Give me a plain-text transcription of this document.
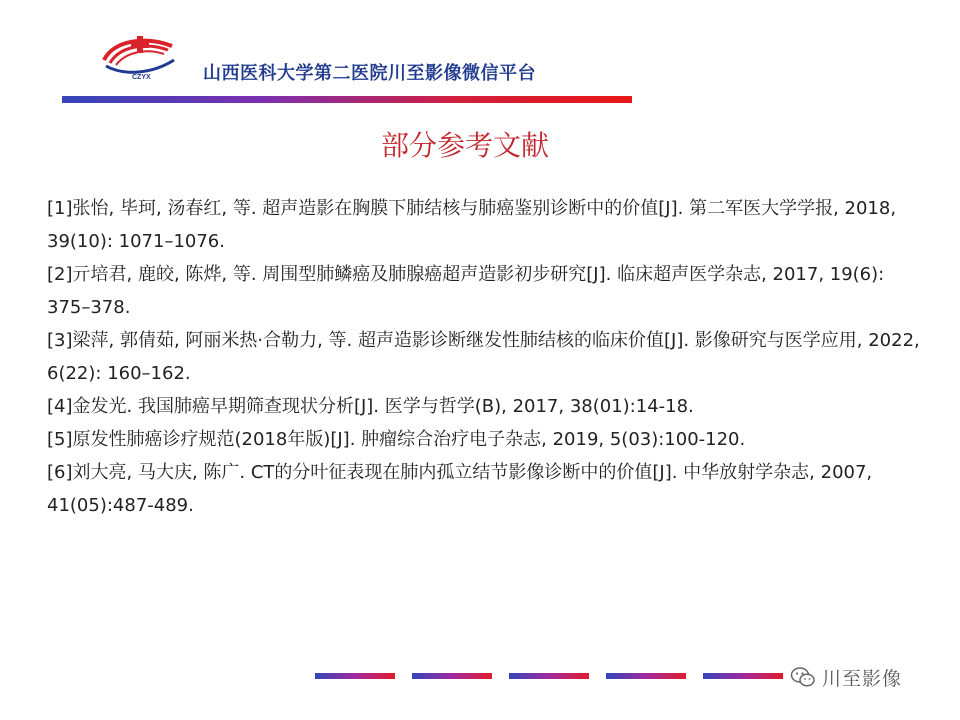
CZYX	山西医科大学第二医院川至影像微信平台
部分参考文献
[1]张怡, 毕珂, 汤春红, 等. 超声造影在胸膜下肺结核与肺癌鉴别诊断中的价值[J]. 第二军医大学学报, 2018, 39(10): 1071–1076.
[2]亓培君, 鹿皎, 陈烨, 等. 周围型肺鳞癌及肺腺癌超声造影初步研究[J]. 临床超声医学杂志, 2017, 19(6): 375–378.
[3]梁萍, 郭倩茹, 阿丽米热·合勒力, 等. 超声造影诊断继发性肺结核的临床价值[J]. 影像研究与医学应用, 2022, 6(22): 160–162.
[4]金发光. 我国肺癌早期筛查现状分析[J]. 医学与哲学(B), 2017, 38(01):14-18.
[5]原发性肺癌诊疗规范(2018年版)[J]. 肿瘤综合治疗电子杂志, 2019, 5(03):100-120.
[6]刘大亮, 马大庆, 陈广. CT的分叶征表现在肺内孤立结节影像诊断中的价值[J]. 中华放射学杂志, 2007, 41(05):487-489.
川至影像
